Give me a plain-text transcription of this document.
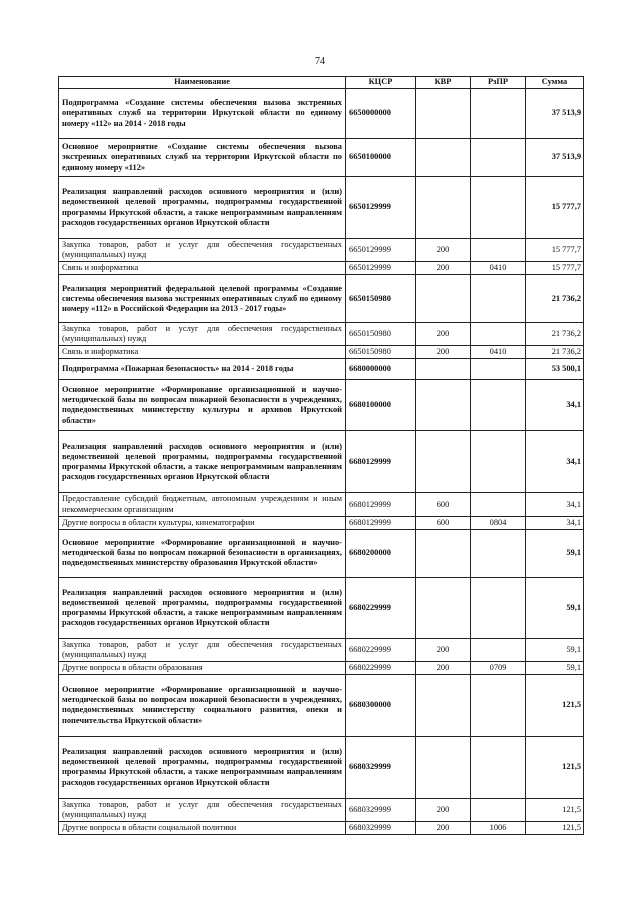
74
Наименование	КЦСР	КВР	РзПР	Сумма
Подпрограмма «Создание системы обеспечения вызова экстренных оперативных служб на территории Иркутской области по единому номеру «112» на 2014 - 2018 годы	6650000000			37 513,9
Основное мероприятие «Создание системы обеспечения вызова экстренных оперативных служб на территории Иркутской области по единому номеру «112»	6650100000			37 513,9
Реализация направлений расходов основного мероприятия и (или) ведомственной целевой программы, подпрограммы государственной программы Иркутской области, а также непрограммным направлениям расходов государственных органов Иркутской области	6650129999			15 777,7
Закупка товаров, работ и услуг для обеспечения государственных (муниципальных) нужд	6650129999	200		15 777,7
Связь и информатика	6650129999	200	0410	15 777,7
Реализация мероприятий федеральной целевой программы «Создание системы обеспечения вызова экстренных оперативных служб по единому номеру «112» в Российской Федерации на 2013 - 2017 годы»	6650150980			21 736,2
Закупка товаров, работ и услуг для обеспечения государственных (муниципальных) нужд	6650150980	200		21 736,2
Связь и информатика	6650150980	200	0410	21 736,2
Подпрограмма «Пожарная безопасность» на 2014 - 2018 годы	6680000000			53 500,1
Основное мероприятие «Формирование организационной и научно-методической базы по вопросам пожарной безопасности в учреждениях, подведомственных министерству культуры и архивов Иркутской области»	6680100000			34,1
Реализация направлений расходов основного мероприятия и (или) ведомственной целевой программы, подпрограммы государственной программы Иркутской области, а также непрограммным направлениям расходов государственных органов Иркутской области	6680129999			34,1
Предоставление субсидий бюджетным, автономным учреждениям и иным некоммерческим организациям	6680129999	600		34,1
Другие вопросы в области культуры, кинематографии	6680129999	600	0804	34,1
Основное мероприятие «Формирование организационной и научно-методической базы по вопросам пожарной безопасности в организациях, подведомственных министерству образования Иркутской области»	6680200000			59,1
Реализация направлений расходов основного мероприятия и (или) ведомственной целевой программы, подпрограммы государственной программы Иркутской области, а также непрограммным направлениям расходов государственных органов Иркутской области	6680229999			59,1
Закупка товаров, работ и услуг для обеспечения государственных (муниципальных) нужд	6680229999	200		59,1
Другие вопросы в области образования	6680229999	200	0709	59,1
Основное мероприятие «Формирование организационной и научно-методической базы по вопросам пожарной безопасности в учреждениях, подведомственных министерству социального развития, опеки и попечительства Иркутской области»	6680300000			121,5
Реализация направлений расходов основного мероприятия и (или) ведомственной целевой программы, подпрограммы государственной программы Иркутской области, а также непрограммным направлениям расходов государственных органов Иркутской области	6680329999			121,5
Закупка товаров, работ и услуг для обеспечения государственных (муниципальных) нужд	6680329999	200		121,5
Другие вопросы в области социальной политики	6680329999	200	1006	121,5
